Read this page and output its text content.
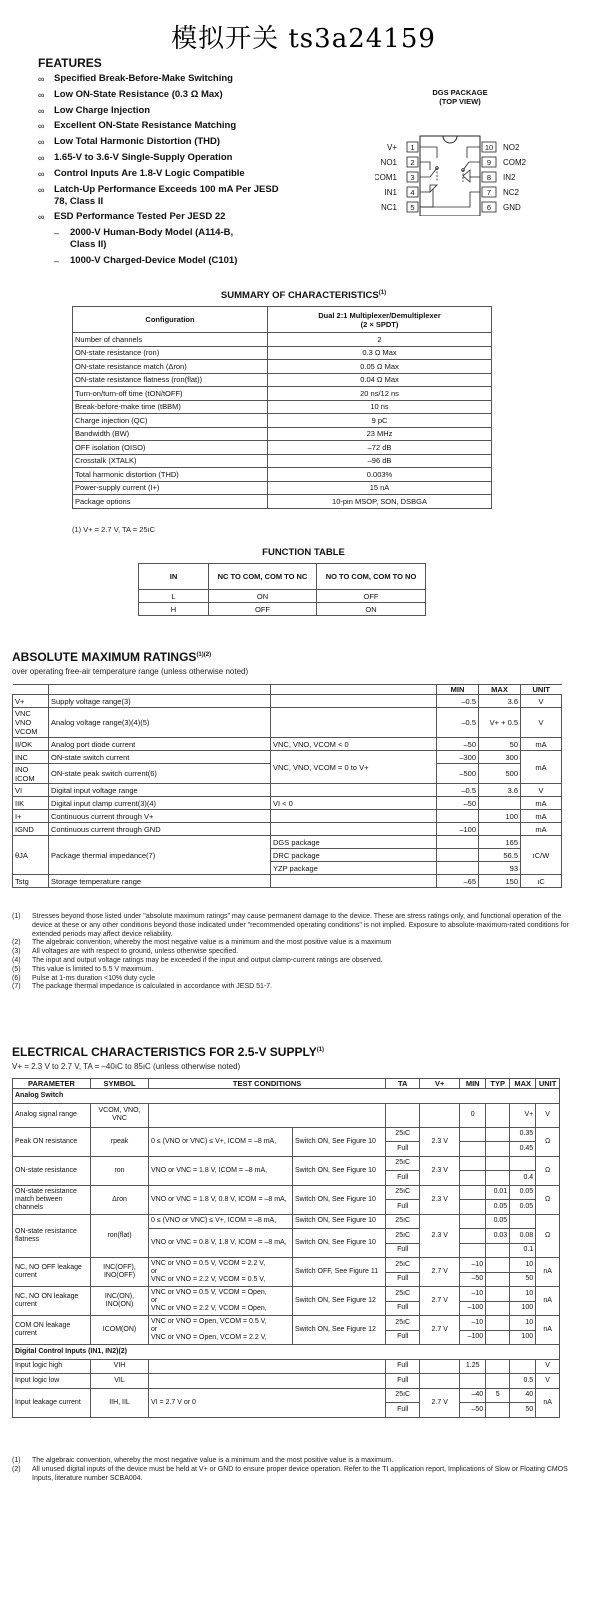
模拟开关 ts3a24159
FEATURES
∞	Specified Break-Before-Make Switching
∞	Low ON-State Resistance (0.3 Ω Max)
∞	Low Charge Injection
∞	Excellent ON-State Resistance Matching
∞	Low Total Harmonic Distortion (THD)
∞	1.65-V to 3.6-V Single-Supply Operation
∞	Control Inputs Are 1.8-V Logic Compatible
∞	Latch-Up Performance Exceeds 100 mA Per JESD 78, Class II
∞	ESD Performance Tested Per JESD 22
–	2000-V Human-Body Model (A114-B, Class II)
–	1000-V Charged-Device Model (C101)
DGS PACKAGE
(TOP VIEW)
V+
NO1
COM1
IN1
NC1
NO2
COM2
IN2
NC2
GND
1
2
3
4
5
10
9
8
7
6
SUMMARY OF CHARACTERISTICS$^{(1)}$
Configuration	Dual 2:1 Multiplexer/Demultiplexer
(2 × SPDT)

Number of channels	2
ON-state resistance (ron)	0.3 Ω Max
ON-state resistance match (Δron)	0.05 Ω Max
ON-state resistance flatness (ron(flat))	0.04 Ω Max
Turn-on/turn-off time (tON/tOFF)	20 ns/12 ns
Break-before-make time (tBBM)	10 ns
Charge injection (QC)	9 pC
Bandwidth (BW)	23 MHz
OFF isolation (OISO)	–72 dB
Crosstalk (XTALK)	–96 dB
Total harmonic distortion (THD)	0.003%
Power-supply current (I+)	15 nA
Package options	10-pin MSOP, SON, DSBGA
(1) V+ = 2.7 V, TA = 25ıC
FUNCTION TABLE
IN	NC TO COM, COM TO NC	NO TO COM, COM TO NO
L	ON	OFF
H	OFF	ON
ABSOLUTE MAXIMUM $RATINGS^{(1)(2)}$
over operating free-air temperature range (unless otherwise noted)
			MIN	MAX	UNIT
V+	Supply voltage range(3)		–0.5	3.6	V
VNC VNO VCOM	Analog voltage range(3)(4)(5)		–0.5	V+ + 0.5	V
II/OK	Analog port diode current	VNC, VNO, VCOM < 0	–50	50	mA
INC	ON-state switch current	VNC, VNO, VCOM = 0 to V+	–300	300	mA
INO ICOM	ON-state peak switch current(6)		–500	500	
VI	Digital input voltage range		–0.5	3.6	V
IIK	Digital input clamp current(3)(4)	VI < 0	–50		mA
I+	Continuous current through V+			100	mA
IGND	Continuous current through GND		–100		mA
θJA	Package thermal impedance(7)	DGS package		165	ıC/W
		DRC package		56.5	
		YZP package		93	
Tstg	Storage temperature range		–65	150	ıC
(1)	Stresses beyond those listed under "absolute maximum ratings" may cause permanent damage to the device. These are stress ratings only, and functional operation of the device at these or any other conditions beyond those indicated under "recommended operating conditions" is not implied. Exposure to absolute-maximum-rated conditions for extended periods may affect device reliability.
(2)	The algebraic convention, whereby the most negative value is a minimum and the most positive value is a maximum
(3)	All voltages are with respect to ground, unless otherwise specified.
(4)	The input and output voltage ratings may be exceeded if the input and output clamp-current ratings are observed.
(5)	This value is limited to 5.5 V maximum.
(6)	Pulse at 1-ms duration <10% duty cycle
(7)	The package thermal impedance is calculated in accordance with JESD 51-7.
ELECTRICAL CHARACTERISTICS FOR 2.5-V SUPPLY$^{(1)}$
V+ = 2.3 V to 2.7 V, TA = –40ıC to 85ıC (unless otherwise noted)
PARAMETER	SYMBOL	TEST CONDITIONS		TA	V+	MIN	TYP	MAX	UNIT
Analog Switch									
Analog signal range	VCOM, VNO, VNC					0		V+	V
Peak ON resistance	rpeak	0 ≤ (VNO or VNC) ≤ V+, ICOM = –8 mA,	Switch ON, See Figure 10	25ıC	2.3 V			0.35	Ω
				Full				0.45	
ON-state resistance	ron	VNO or VNC = 1.8 V, ICOM = –8 mA,	Switch ON, See Figure 10	25ıC	2.3 V				Ω
				Full				0.4	
ON-state resistance match between channels	Δron	VNO or VNC = 1.8 V, 0.8 V, ICOM = –8 mA,	Switch ON, See Figure 10	25ıC	2.3 V		0.01	0.05	Ω
				Full			0.05	0.05	
ON-state resistance flatness	ron(flat)	0 ≤ (VNO or VNC) ≤ V+, ICOM = –8 mA,	Switch ON, See Figure 10	25ıC	2.3 V		0.05		Ω
		VNO or VNC = 0.8 V, 1.8 V, ICOM = –8 mA,	Switch ON, See Figure 10	25ıC			0.03	0.08	
				Full				0.1	
NC, NO OFF leakage current	INC(OFF), INO(OFF)	VNC or VNO = 0.5 V, VCOM = 2.2 V,
or
VNC or VNO = 2.2 V, VCOM = 0.5 V,	Switch OFF, See Figure 11	25ıC	2.7 V	–10		10	nA
				Full		–50		50	
NC, NO ON leakage current	INC(ON), INO(ON)	VNC or VNO = 0.5 V, VCOM = Open,
or
VNC or VNO = 2.2 V, VCOM = Open,	Switch ON, See Figure 12	25ıC	2.7 V	–10		10	nA
				Full		–100		100	
COM ON leakage current	ICOM(ON)	VNC or VNO = Open, VCOM = 0.5 V,
or
VNC or VNO = Open, VCOM = 2.2 V,	Switch ON, See Figure 12	25ıC	2.7 V	–10		10	nA
				Full		–100		100	
Digital Control Inputs (IN1, IN2)(2)									
Input logic high	VIH			Full		1.25			V
Input logic low	VIL			Full				0.5	V
Input leakage current	IIH, IIL	VI = 2.7 V or 0		25ıC	2.7 V	–40	5	40	nA
				Full		–50		50	
(1)	The algebraic convention, whereby the most negative value is a minimum and the most positive value is a maximum.
(2)	All unused digital inputs of the device must be held at V+ or GND to ensure proper device operation. Refer to the TI application report, Implications of Slow or Floating CMOS Inputs, literature number SCBA004.
